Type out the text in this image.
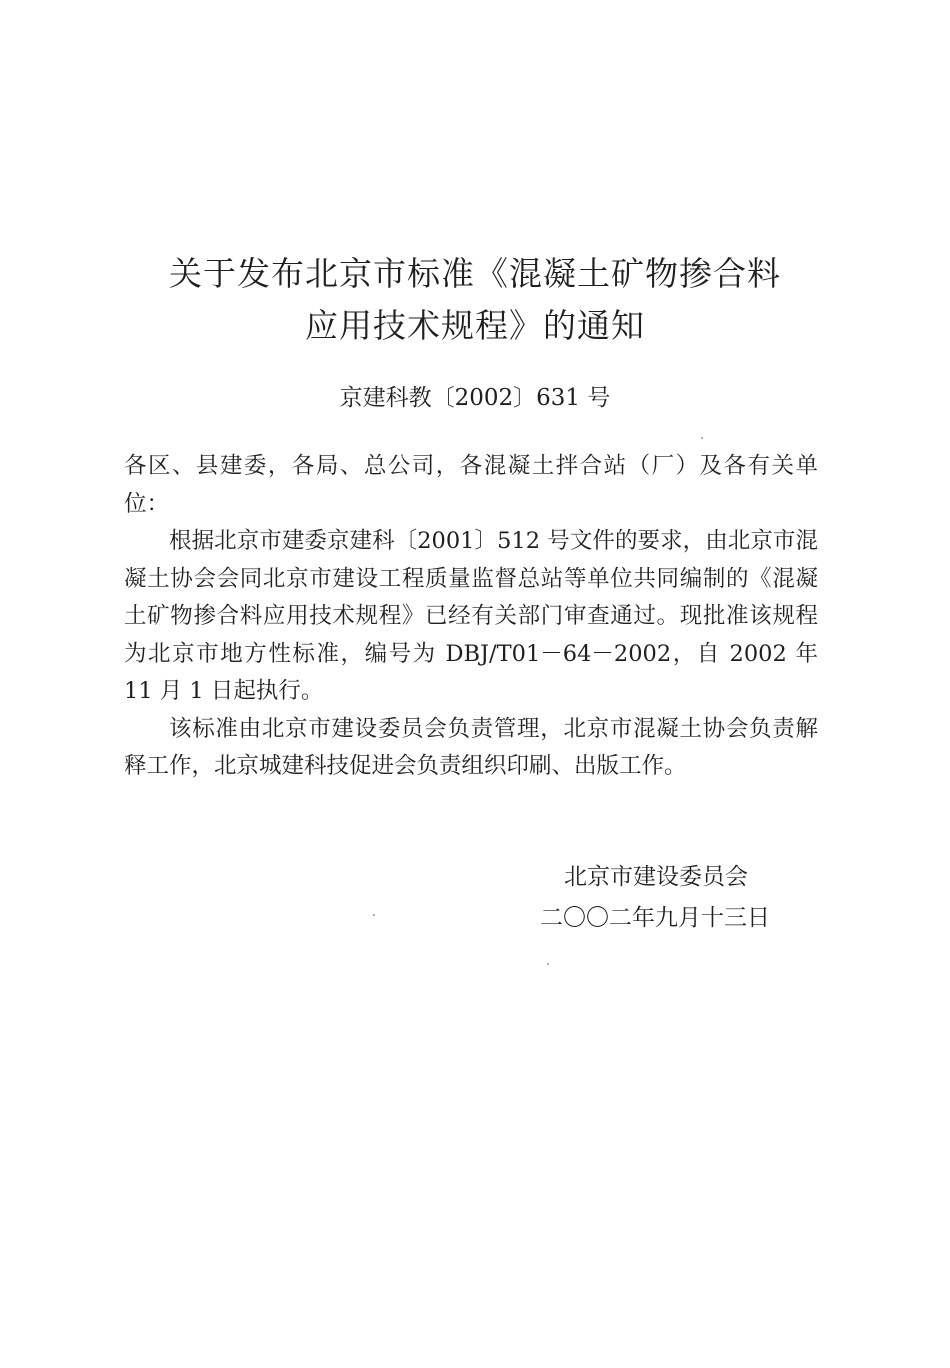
关于发布北京市标准《混凝土矿物掺合料
应用技术规程》的通知
京建科教〔2002〕631 号

各区、县建委，各局、总公司，各混凝土拌合站（厂）及各有关单位：

根据北京市建委京建科〔2001〕512 号文件的要求，由北京市混凝土协会会同北京市建设工程质量监督总站等单位共同编制的《混凝土矿物掺合料应用技术规程》已经有关部门审查通过。现批准该规程为北京市地方性标准，编号为 DBJ/T01－64－2002，自 2002 年 11 月 1 日起执行。

该标准由北京市建设委员会负责管理，北京市混凝土协会负责解释工作，北京城建科技促进会负责组织印刷、出版工作。

北京市建设委员会
二〇〇二年九月十三日
